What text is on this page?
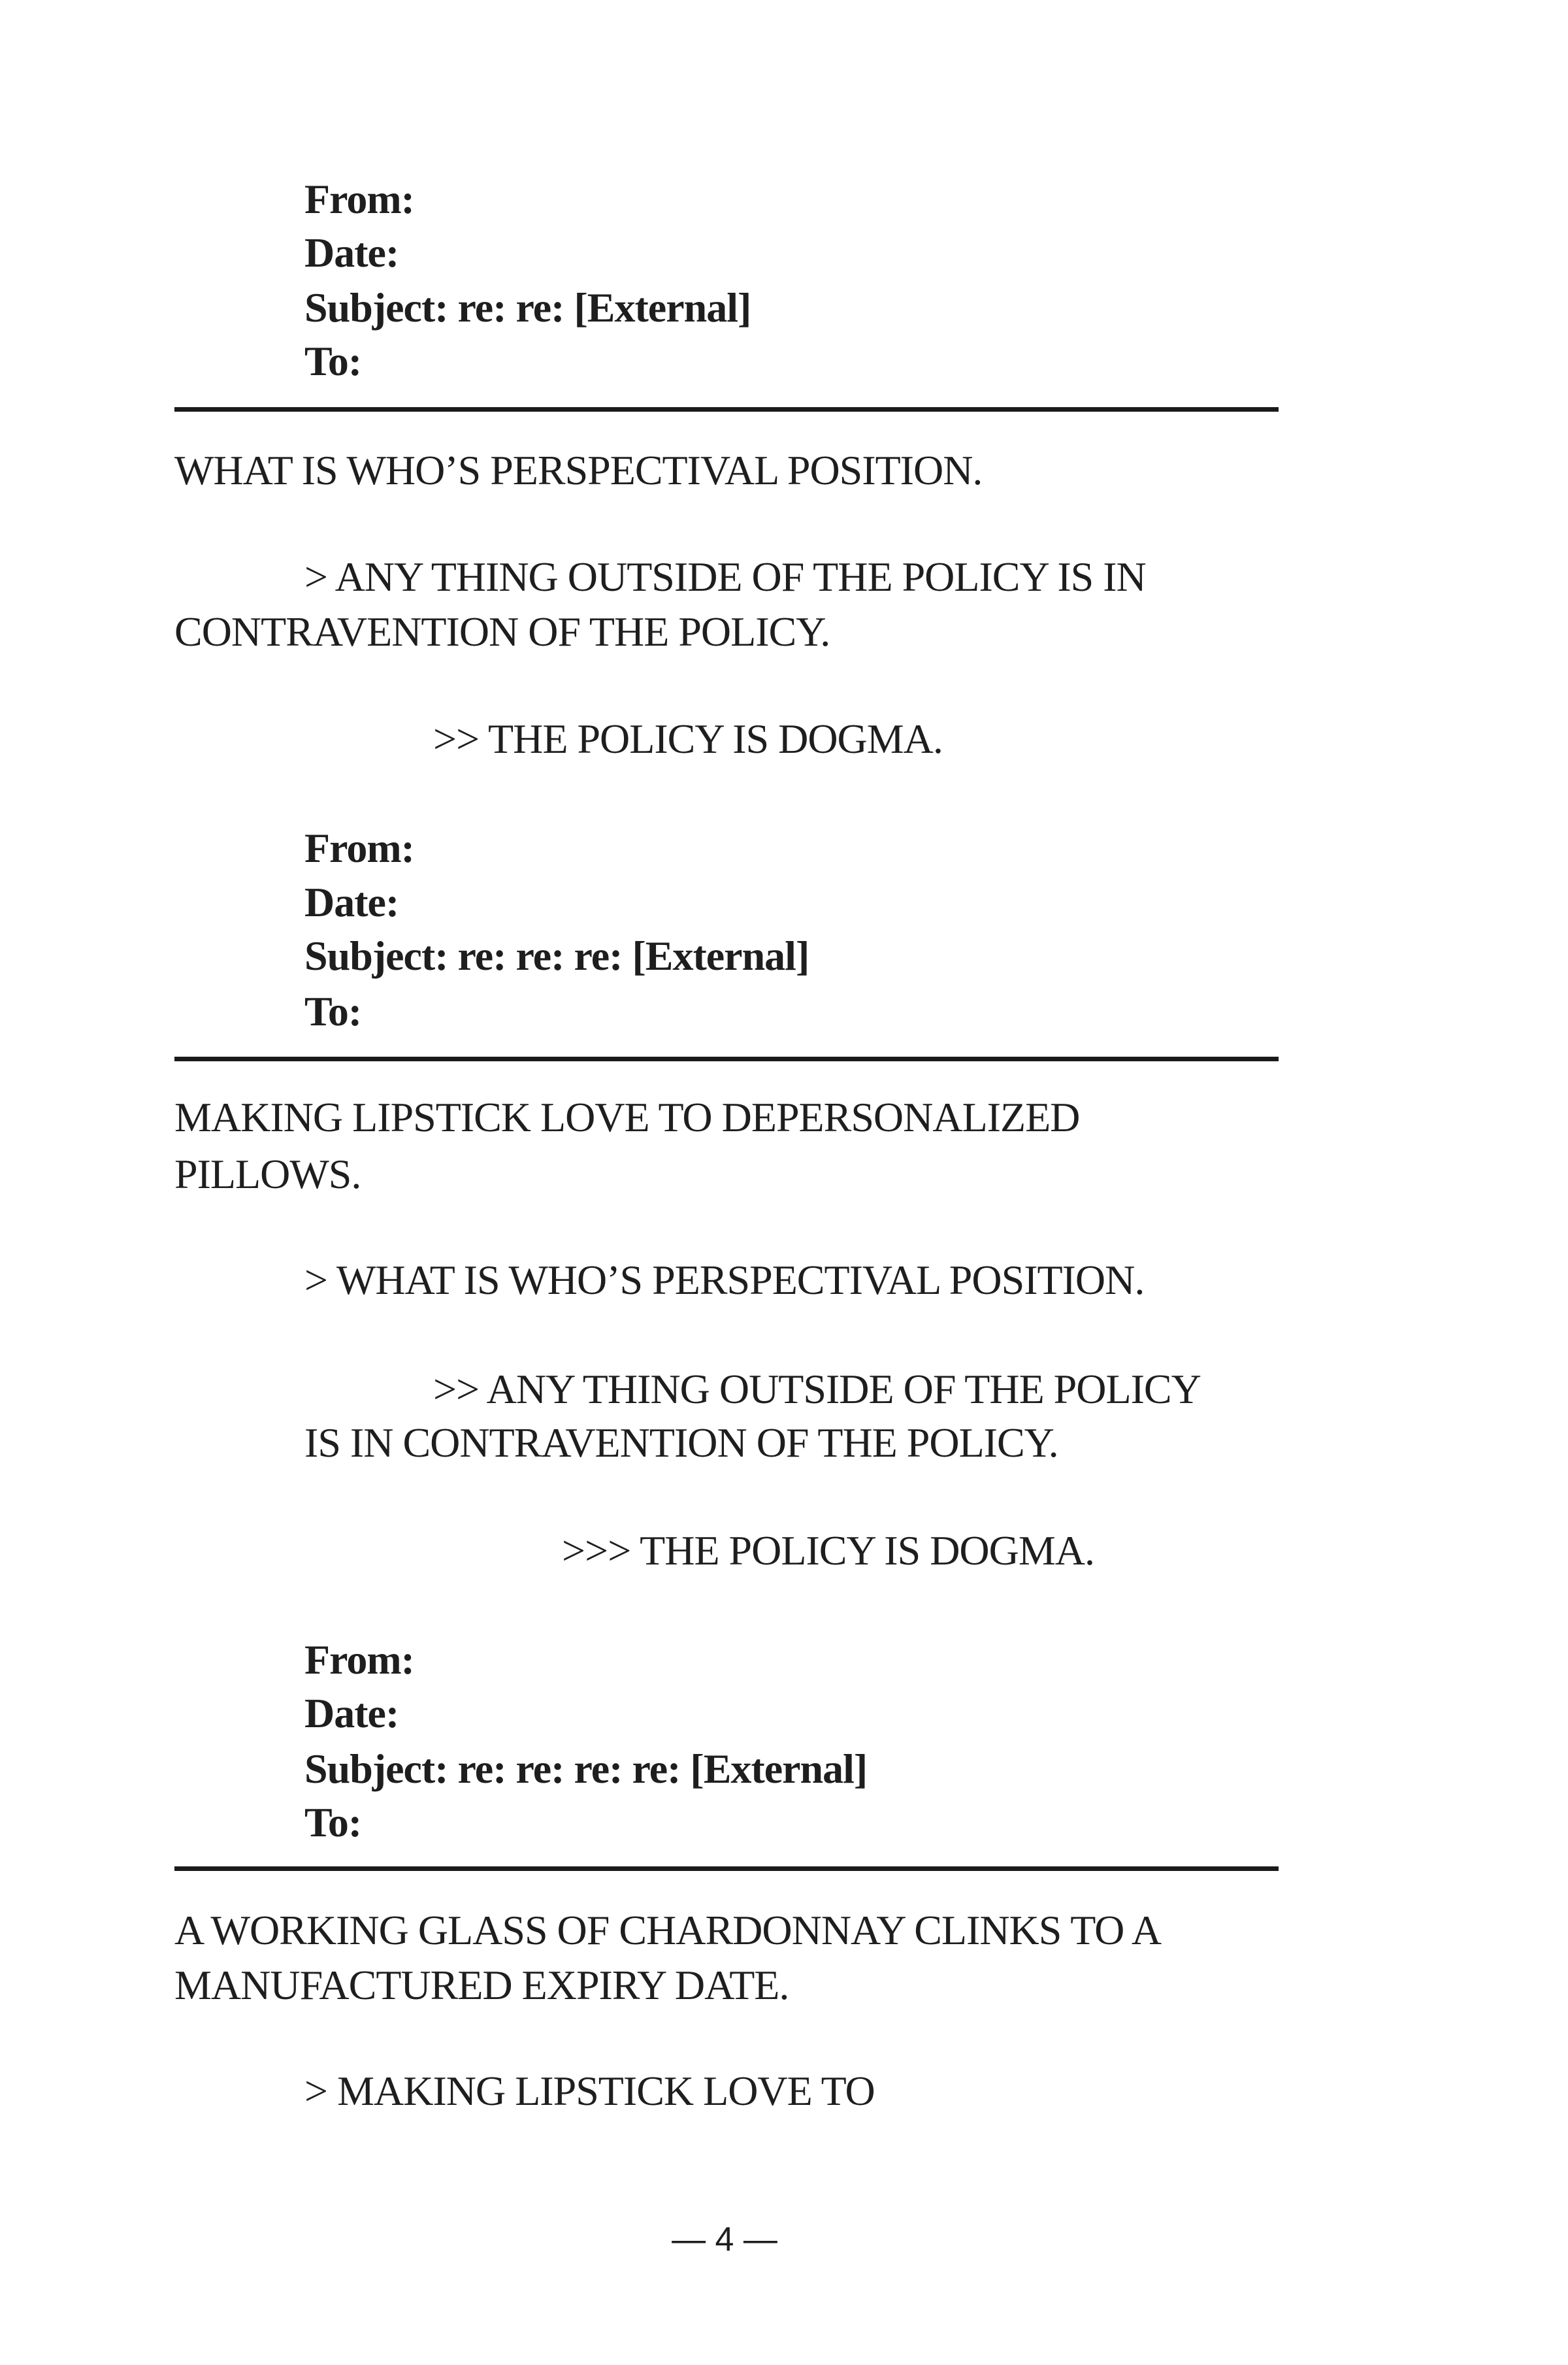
From:
Date:
Subject: re: re: [External]
To:
WHAT IS WHO’S PERSPECTIVAL POSITION.
> ANY THING OUTSIDE OF THE POLICY IS IN
CONTRAVENTION OF THE POLICY.
>> THE POLICY IS DOGMA.
From:
Date:
Subject: re: re: re: [External]
To:
MAKING LIPSTICK LOVE TO DEPERSONALIZED
PILLOWS.
> WHAT IS WHO’S PERSPECTIVAL POSITION.
>> ANY THING OUTSIDE OF THE POLICY
IS IN CONTRAVENTION OF THE POLICY.
>>> THE POLICY IS DOGMA.
From:
Date:
Subject: re: re: re: re: [External]
To:
A WORKING GLASS OF CHARDONNAY CLINKS TO A
MANUFACTURED EXPIRY DATE.
> MAKING LIPSTICK LOVE TO
— 4 —
